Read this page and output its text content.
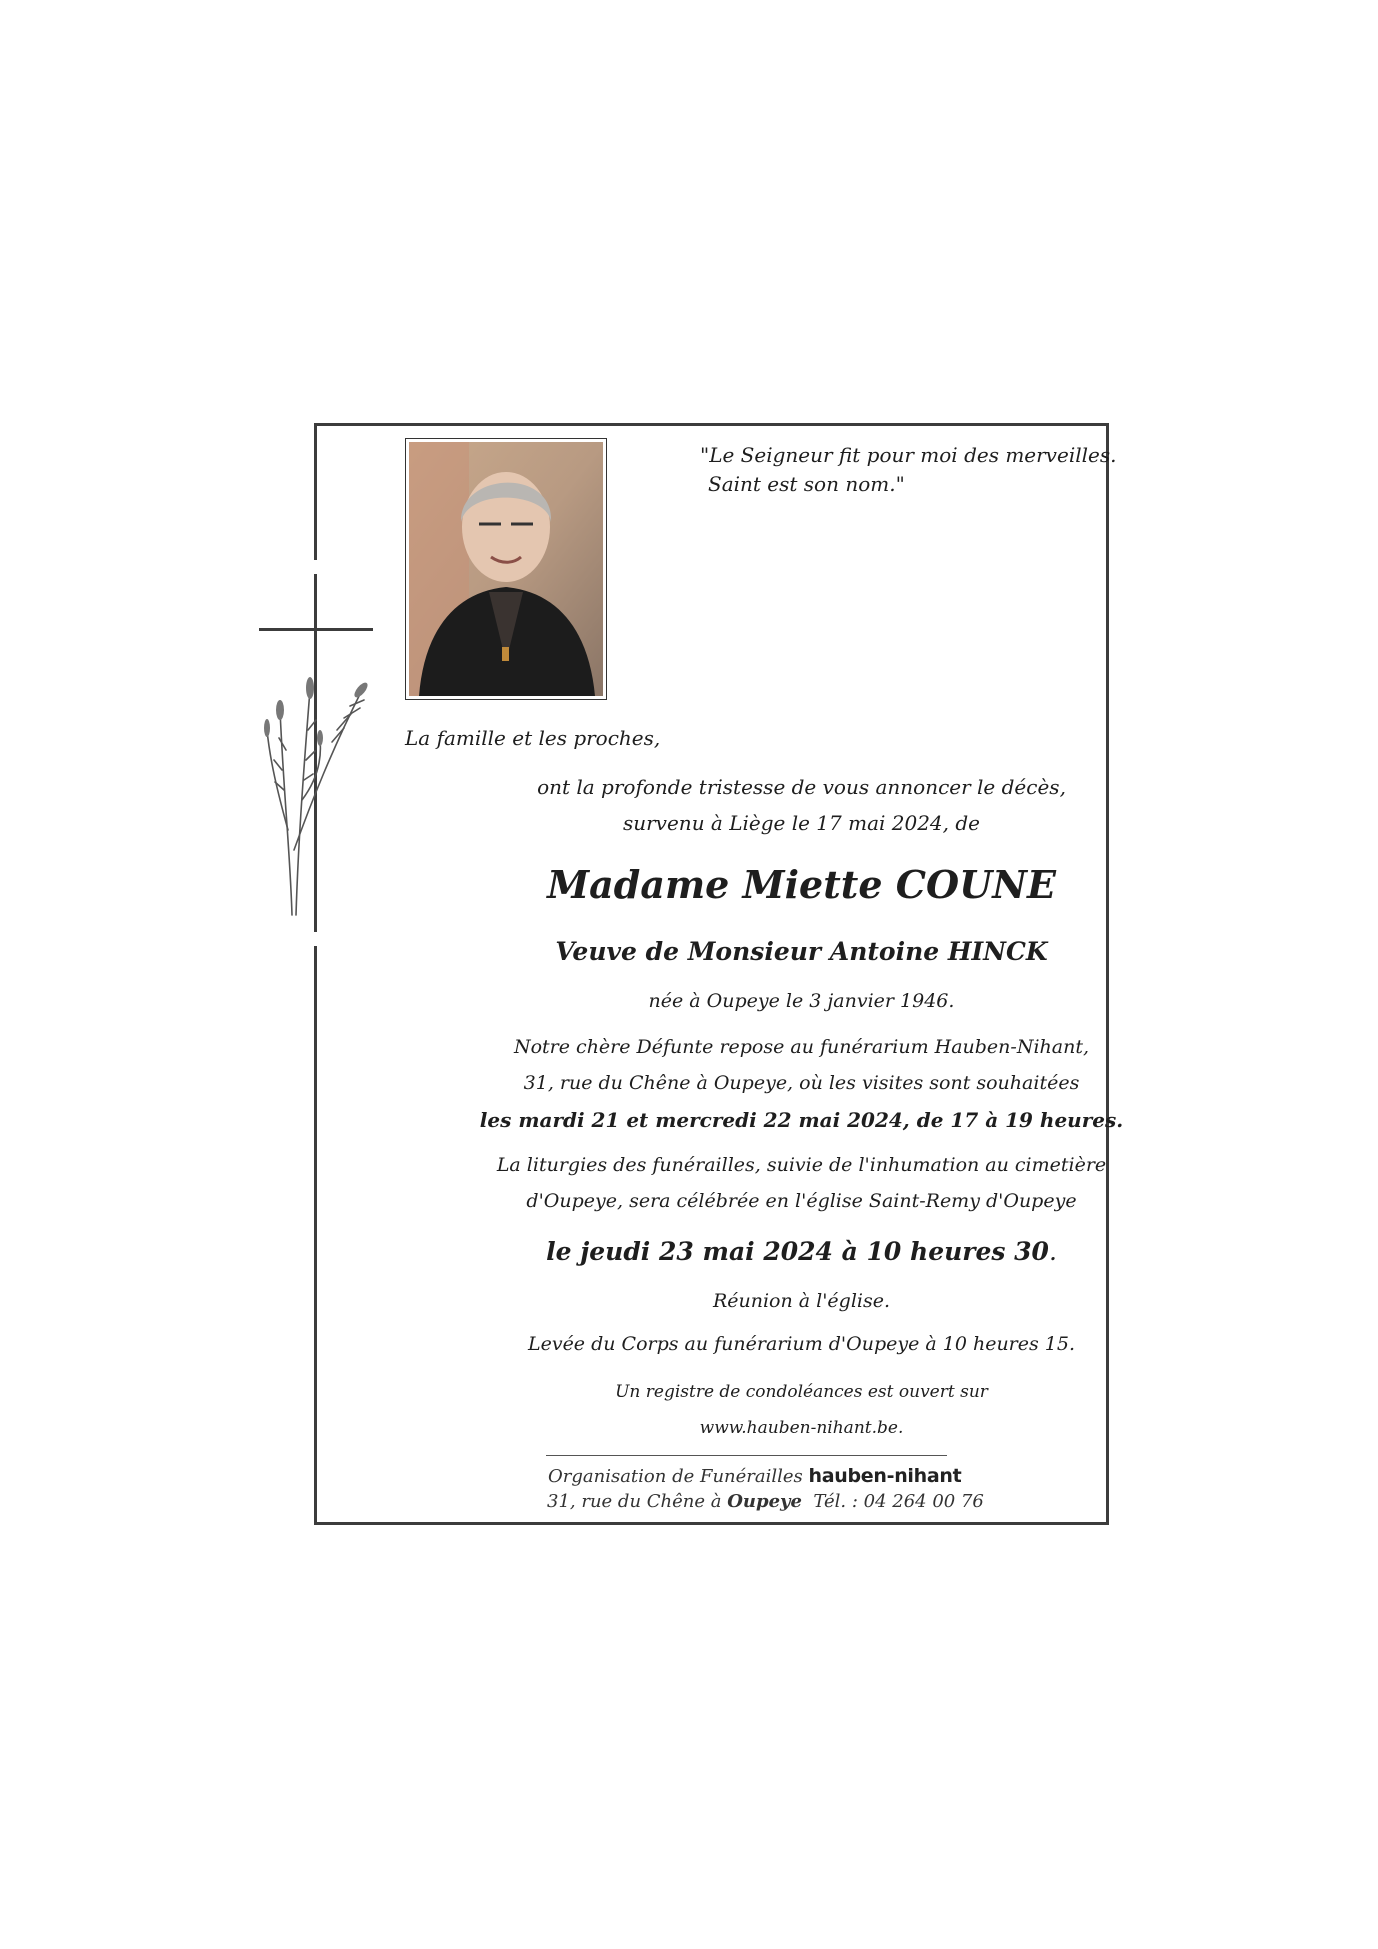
"Le Seigneur fit pour moi des merveilles.
Saint est son nom."
La famille et les proches,
ont la profonde tristesse de vous annoncer le décès,
survenu à Liège le 17 mai 2024, de
Madame Miette COUNE
Veuve de Monsieur Antoine HINCK
née à Oupeye le 3 janvier 1946.
Notre chère Défunte repose au funérarium Hauben-Nihant,
31, rue du Chêne à Oupeye, où les visites sont souhaitées
les mardi 21 et mercredi 22 mai 2024, de 17 à 19 heures.
La liturgies des funérailles, suivie de l'inhumation au cimetière
d'Oupeye, sera célébrée en l'église Saint-Remy d'Oupeye
le jeudi 23 mai 2024 à 10 heures 30.
Réunion à l'église.
Levée du Corps au funérarium d'Oupeye à 10 heures 15.
Un registre de condoléances est ouvert sur
www.hauben-nihant.be.
Organisation de Funérailles hauben-nihant
31, rue du Chêne à Oupeye Tél. : 04 264 00 76
